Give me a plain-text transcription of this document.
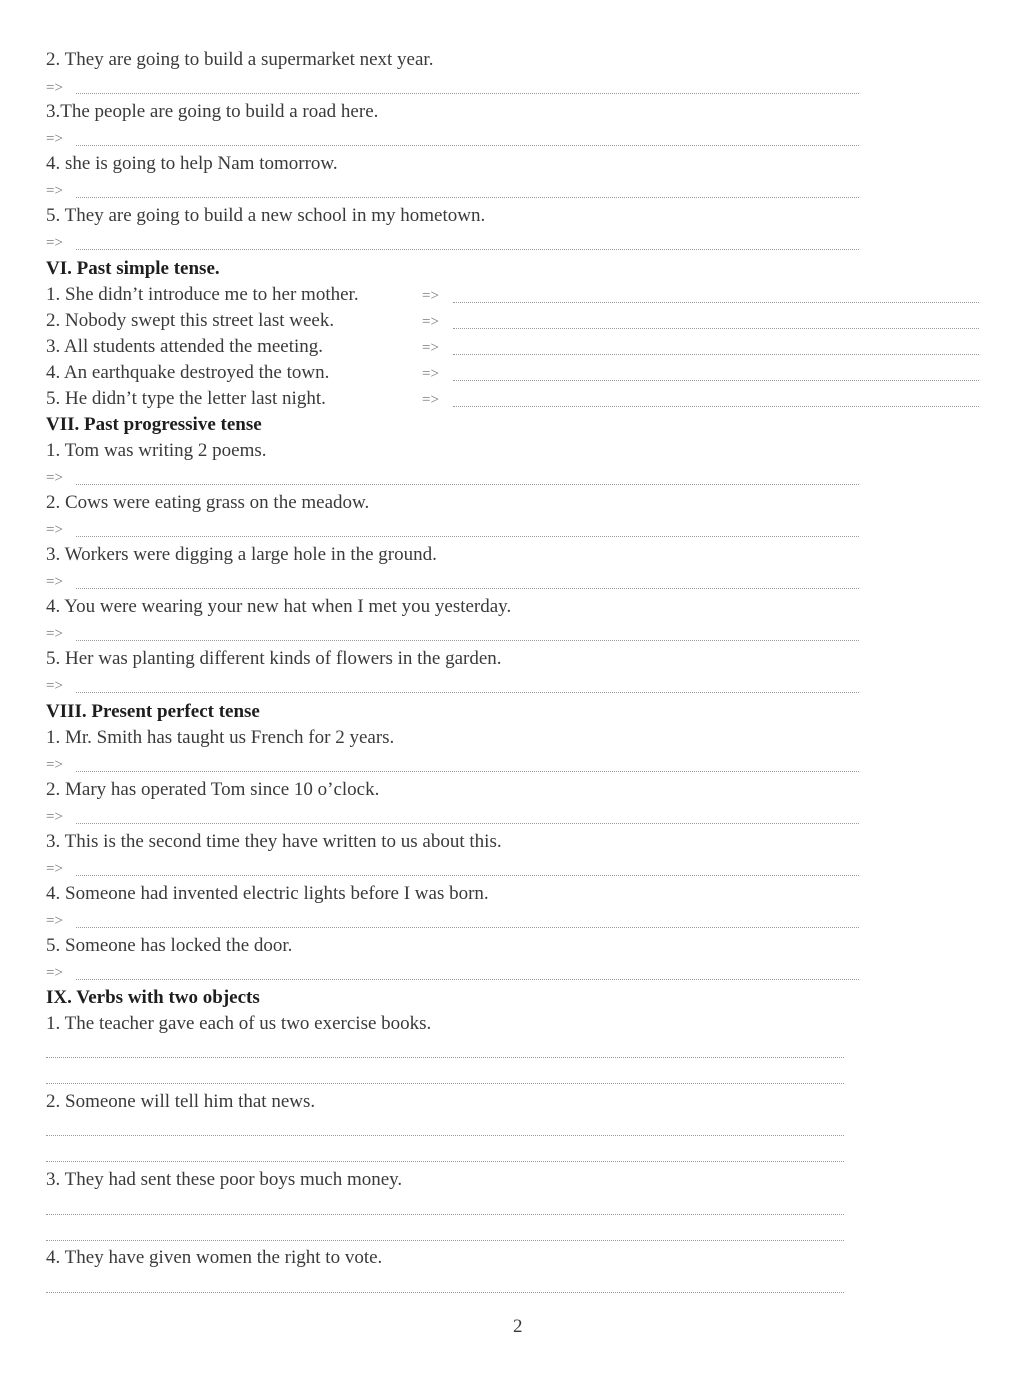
2. They are going to build a supermarket next year.
=>
3.The people are going to build a road here.
=>
4. she is going to help Nam tomorrow.
=>
5. They are going to build a new school in my hometown.
=>
VI. Past simple tense.
1. She didn’t introduce me to her mother.	=>
2. Nobody swept this street last week.	=>
3. All students attended the meeting.	=>
4. An earthquake destroyed the town.	=>
5. He didn’t type the letter last night.	=>
VII. Past progressive tense
1. Tom was writing 2 poems.
=>
2. Cows were eating grass on the meadow.
=>
3. Workers were digging a large hole in the ground.
=>
4. You were wearing your new hat when I met you yesterday.
=>
5. Her was planting different kinds of flowers in the garden.
=>
VIII. Present perfect tense
1. Mr. Smith has taught us French for 2 years.
=>
2. Mary has operated Tom since 10 o’clock.
=>
3. This is the second time they have written to us about this.
=>
4. Someone had invented electric lights before I was born.
=>
5. Someone has locked the door.
=>
IX. Verbs with two objects
1. The teacher gave each of us two exercise books.
2. Someone will tell him that news.
3. They had sent these poor boys much money.
4. They have given women the right to vote.
2
